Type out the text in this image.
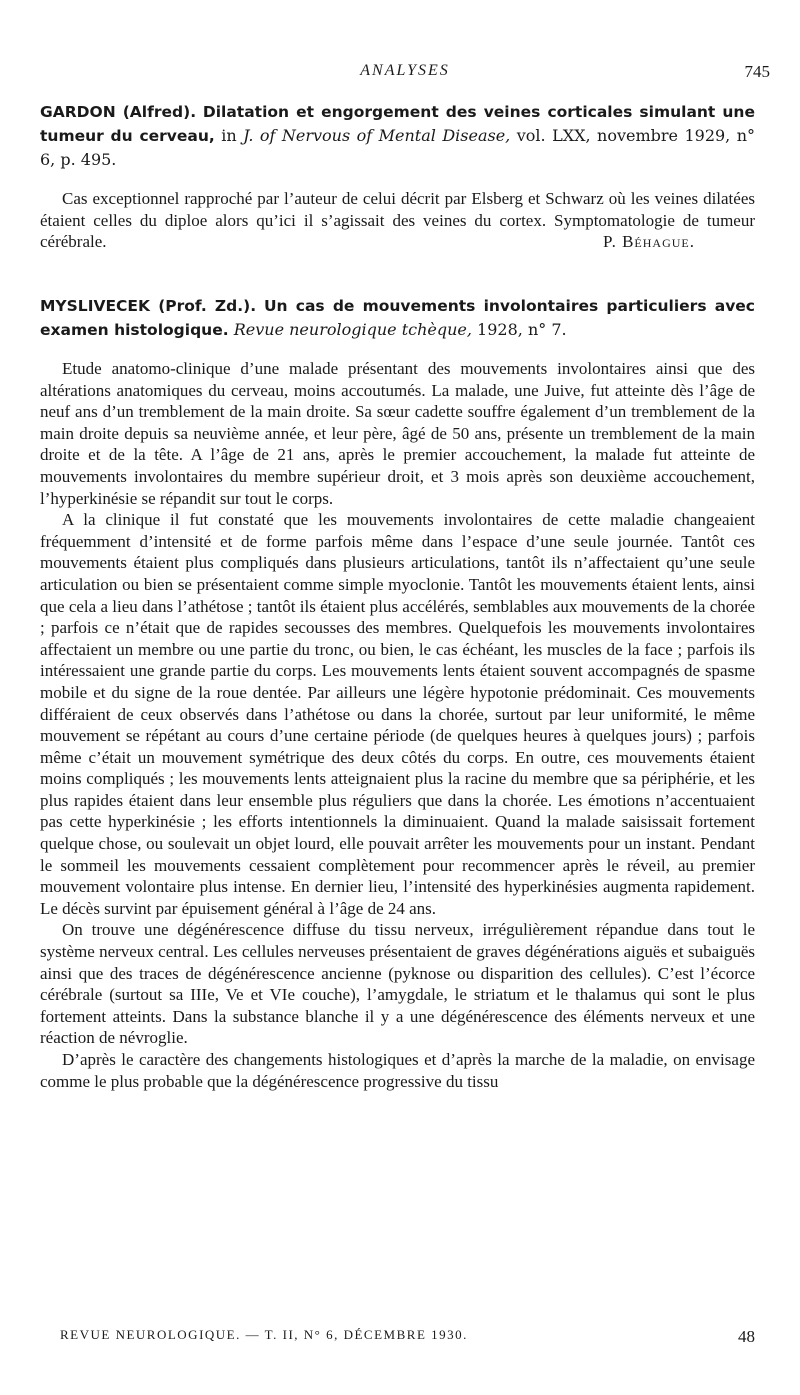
ANALYSES	745
GARDON (Alfred). Dilatation et engorgement des veines corticales simulant une tumeur du cerveau, in J. of Nervous of Mental Disease, vol. LXX, novembre 1929, n° 6, p. 495.

Cas exceptionnel rapproché par l’auteur de celui décrit par Elsberg et Schwarz où les veines dilatées étaient celles du diploe alors qu’ici il s’agissait des veines du cortex. Symptomatologie de tumeur cérébrale.	P. Béhague.
MYSLIVECEK (Prof. Zd.). Un cas de mouvements involontaires particuliers avec examen histologique. Revue neurologique tchèque, 1928, n° 7.

Etude anatomo-clinique d’une malade présentant des mouvements involontaires ainsi que des altérations anatomiques du cerveau, moins accoutumés. La malade, une Juive, fut atteinte dès l’âge de neuf ans d’un tremblement de la main droite. Sa sœur cadette souffre également d’un tremblement de la main droite depuis sa neuvième année, et leur père, âgé de 50 ans, présente un tremblement de la main droite et de la tête. A l’âge de 21 ans, après le premier accouchement, la malade fut atteinte de mouvements involontaires du membre supérieur droit, et 3 mois après son deuxième accouchement, l’hyperkinésie se répandit sur tout le corps.

A la clinique il fut constaté que les mouvements involontaires de cette maladie changeaient fréquemment d’intensité et de forme parfois même dans l’espace d’une seule journée. Tantôt ces mouvements étaient plus compliqués dans plusieurs articulations, tantôt ils n’affectaient qu’une seule articulation ou bien se présentaient comme simple myoclonie. Tantôt les mouvements étaient lents, ainsi que cela a lieu dans l’athétose ; tantôt ils étaient plus accélérés, semblables aux mouvements de la chorée ; parfois ce n’était que de rapides secousses des membres. Quelquefois les mouvements involontaires affectaient un membre ou une partie du tronc, ou bien, le cas échéant, les muscles de la face ; parfois ils intéressaient une grande partie du corps. Les mouvements lents étaient souvent accompagnés de spasme mobile et du signe de la roue dentée. Par ailleurs une légère hypotonie prédominait. Ces mouvements différaient de ceux observés dans l’athétose ou dans la chorée, surtout par leur uniformité, le même mouvement se répétant au cours d’une certaine période (de quelques heures à quelques jours) ; parfois même c’était un mouvement symétrique des deux côtés du corps. En outre, ces mouvements étaient moins compliqués ; les mouvements lents atteignaient plus la racine du membre que sa périphérie, et les plus rapides étaient dans leur ensemble plus réguliers que dans la chorée. Les émotions n’accentuaient pas cette hyperkinésie ; les efforts intentionnels la diminuaient. Quand la malade saisissait fortement quelque chose, ou soulevait un objet lourd, elle pouvait arrêter les mouvements pour un instant. Pendant le sommeil les mouvements cessaient complètement pour recommencer après le réveil, au premier mouvement volontaire plus intense. En dernier lieu, l’intensité des hyperkinésies augmenta rapidement. Le décès survint par épuisement général à l’âge de 24 ans.

On trouve une dégénérescence diffuse du tissu nerveux, irrégulièrement répandue dans tout le système nerveux central. Les cellules nerveuses présentaient de graves dégénérations aiguës et subaiguës ainsi que des traces de dégénérescence ancienne (pyknose ou disparition des cellules). C’est l’écorce cérébrale (surtout sa IIIe, Ve et VIe couche), l’amygdale, le striatum et le thalamus qui sont le plus fortement atteints. Dans la substance blanche il y a une dégénérescence des éléments nerveux et une réaction de névroglie.

D’après le caractère des changements histologiques et d’après la marche de la maladie, on envisage comme le plus probable que la dégénérescence progressive du tissu

REVUE NEUROLOGIQUE. — T. II, N° 6, DÉCEMBRE 1930.	48
